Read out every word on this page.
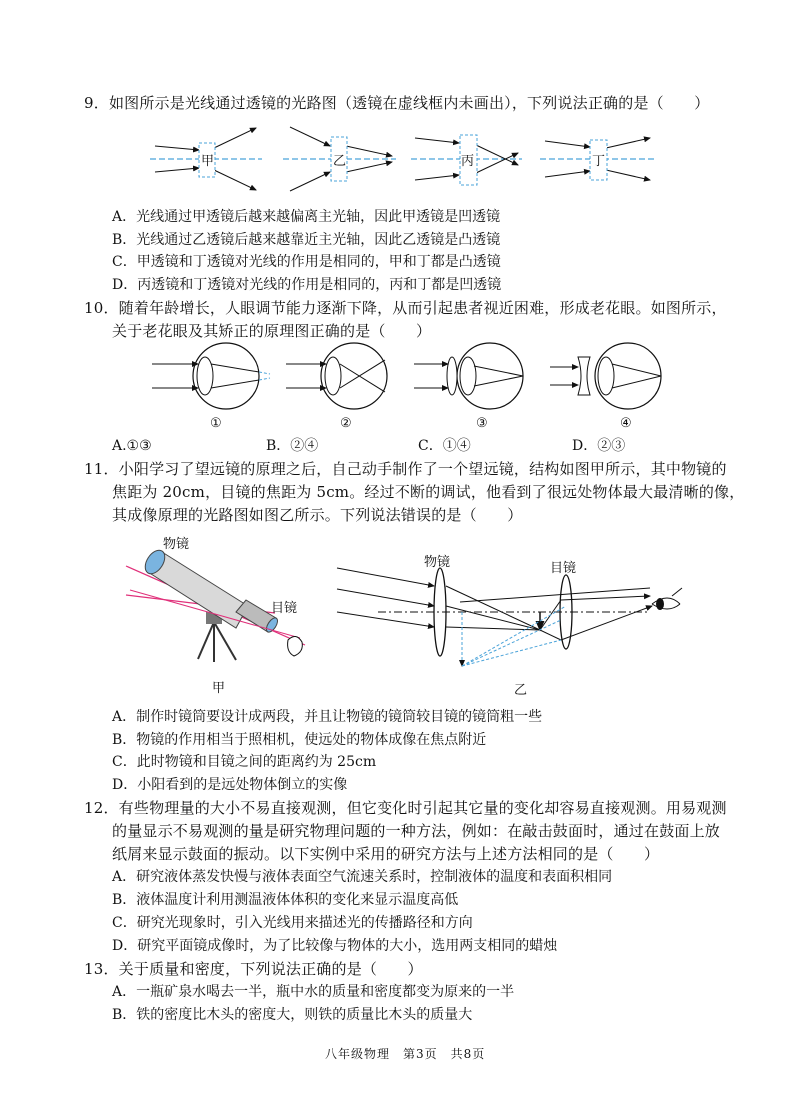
9．如图所示是光线通过透镜的光路图（透镜在虚线框内未画出），下列说法正确的是（　　）
甲	乙	丙	丁
A．光线通过甲透镜后越来越偏离主光轴，因此甲透镜是凹透镜
B．光线通过乙透镜后越来越靠近主光轴，因此乙透镜是凸透镜
C．甲透镜和丁透镜对光线的作用是相同的，甲和丁都是凸透镜
D．丙透镜和丁透镜对光线的作用是相同的，丙和丁都是凹透镜
10．随着年龄增长，人眼调节能力逐渐下降，从而引起患者视近困难，形成老花眼。如图所示，
关于老花眼及其矫正的原理图正确的是（　　）
①	②	③	④
A.①③	B．②④	C．①④	D．②③
11．小阳学习了望远镜的原理之后，自己动手制作了一个望远镜，结构如图甲所示，其中物镜的
焦距为 20cm，目镜的焦距为 5cm。经过不断的调试，他看到了很远处物体最大最清晰的像，
其成像原理的光路图如图乙所示。下列说法错误的是（　　）
物镜
目镜
甲
物镜	目镜
乙
A．制作时镜筒要设计成两段，并且让物镜的镜筒较目镜的镜筒粗一些
B．物镜的作用相当于照相机，使远处的物体成像在焦点附近
C．此时物镜和目镜之间的距离约为 25cm
D．小阳看到的是远处物体倒立的实像
12．有些物理量的大小不易直接观测，但它变化时引起其它量的变化却容易直接观测。用易观测
的量显示不易观测的量是研究物理问题的一种方法，例如：在敲击鼓面时，通过在鼓面上放
纸屑来显示鼓面的振动。以下实例中采用的研究方法与上述方法相同的是（　　）
A．研究液体蒸发快慢与液体表面空气流速关系时，控制液体的温度和表面积相同
B．液体温度计利用测温液体体积的变化来显示温度高低
C．研究光现象时，引入光线用来描述光的传播路径和方向
D．研究平面镜成像时，为了比较像与物体的大小，选用两支相同的蜡烛
13．关于质量和密度，下列说法正确的是（　　）
A．一瓶矿泉水喝去一半，瓶中水的质量和密度都变为原来的一半
B．铁的密度比木头的密度大，则铁的质量比木头的质量大
八年级物理　第3页　共8页
